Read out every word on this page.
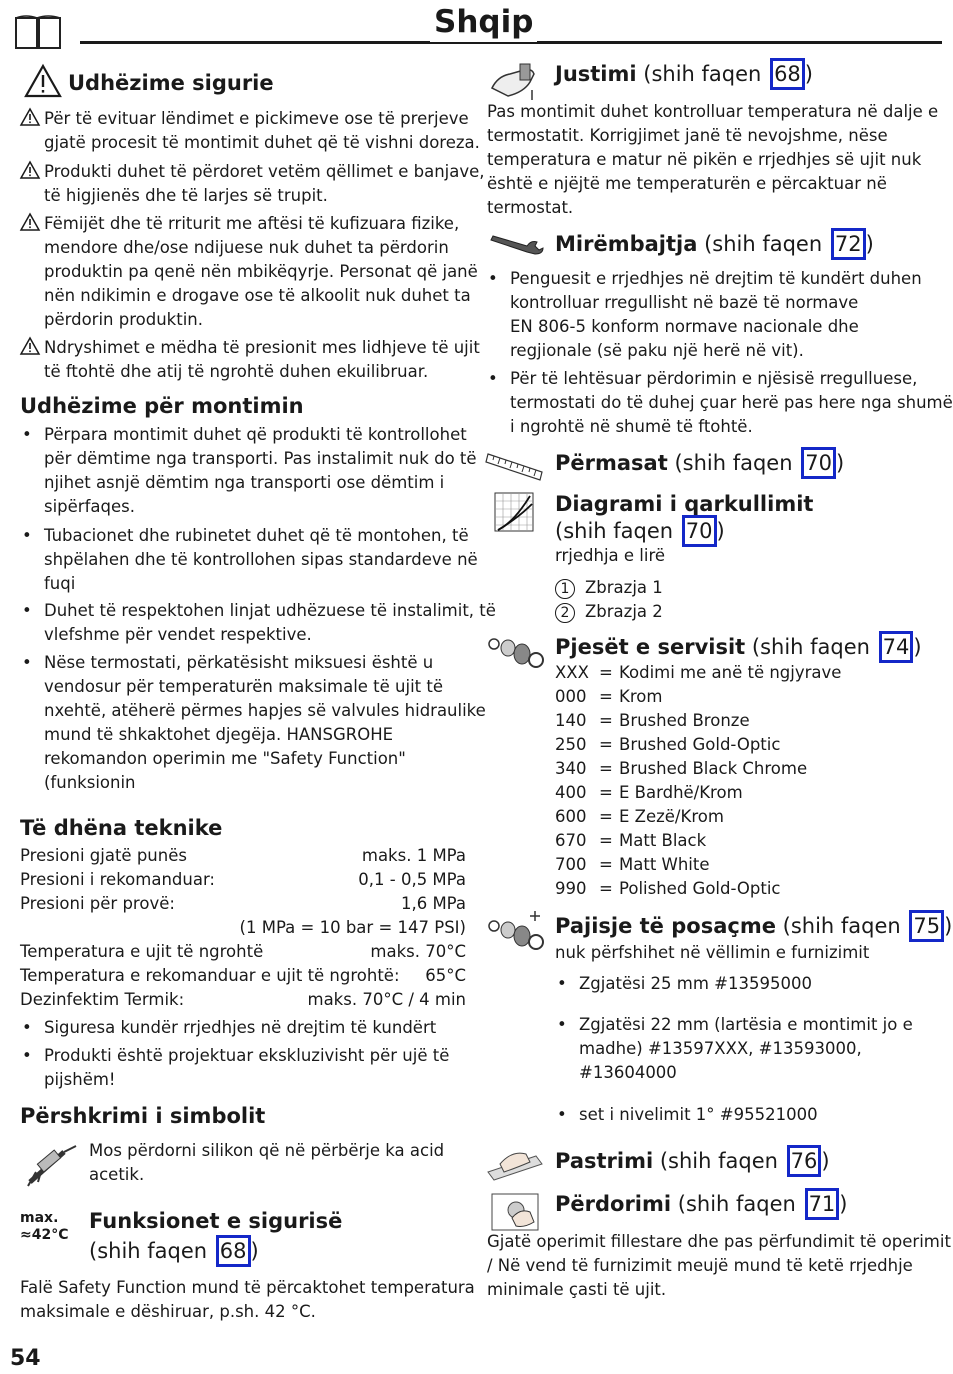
Shqip
Udhëzime sigurie
Për të evituar lëndimet e pickimeve ose të prerjeve
gjatë procesit të montimit duhet që të vishni doreza.
Produkti duhet të përdoret vetëm qëllimet e banjave,
të higjienës dhe të larjes së trupit.
Fëmijët dhe të rriturit me aftësi të kufizuara fizike,
mendore dhe/ose ndijuese nuk duhet ta përdorin
produktin pa qenë nën mbikëqyrje. Personat që janë
nën ndikimin e drogave ose të alkoolit nuk duhet ta
përdorin produktin.
Ndryshimet e mëdha të presionit mes lidhjeve të ujit
të ftohtë dhe atij të ngrohtë duhen ekuilibruar.
Udhëzime për montimin
• Përpara montimit duhet që produkti të kontrollohet
për dëmtime nga transporti. Pas instalimit nuk do të
njihet asnjë dëmtim nga transporti ose dëmtim i
sipërfaqes.
• Tubacionet dhe rubinetet duhet që të montohen, të
shpëlahen dhe të kontrollohen sipas standardeve në
fuqi
• Duhet të respektohen linjat udhëzuese të instalimit, të
vlefshme për vendet respektive.
• Nëse termostati, përkatësisht miksuesi është u
vendosur për temperaturën maksimale të ujit të
nxehtë, atëherë përmes hapjes së valvules hidraulike
mund të shkaktohet djegëja. HANSGROHE
rekomandon operimin me "Safety Function"
(funksionin
Të dhëna teknike
Presioni gjatë punës	maks. 1 MPa
Presioni i rekomanduar:	0,1 - 0,5 MPa
Presioni për provë:	1,6 MPa
(1 MPa = 10 bar = 147 PSI)
Temperatura e ujit të ngrohtë	maks. 70°C
Temperatura e rekomanduar e ujit të ngrohtë: 65°C
Dezinfektim Termik:	maks. 70°C / 4 min
• Siguresa kundër rrjedhjes në drejtim të kundërt
• Produkti është projektuar ekskluzivisht për ujë të
pijshëm!
Përshkrimi i simbolit
Mos përdorni silikon që në përbërje ka acid
acetik.
max.
≈42°C
Funksionet e sigurisë
(shih faqen 68 )
Falë Safety Function mund të përcaktohet temperatura
maksimale e dëshiruar, p.sh. 42 °C.
54
Justimi (shih faqen 68 )
Pas montimit duhet kontrolluar temperatura në dalje e
termostatit. Korrigjimet janë të nevojshme, nëse
temperatura e matur në pikën e rrjedhjes së ujit nuk
është e njëjtë me temperaturën e përcaktuar në
termostat.
Mirëmbajtja (shih faqen 72 )
• Penguesit e rrjedhjes në drejtim të kundërt duhen
kontrolluar rregullisht në bazë të normave
EN 806-5 konform normave nacionale dhe
regjionale (së paku një herë në vit).
• Për të lehtësuar përdorimin e njësisë rregulluese,
termostati do të duhej çuar herë pas here nga shumë
i ngrohtë në shumë të ftohtë.
Përmasat (shih faqen 70 )
Diagrami i qarkullimit
(shih faqen 70 )
rrjedhja e lirë
1 Zbrazja 1
2 Zbrazja 2
Pjesët e servisit (shih faqen 74 )
XXX = Kodimi me anë të ngjyrave
000 = Krom
140 = Brushed Bronze
250 = Brushed Gold-Optic
340 = Brushed Black Chrome
400 = E Bardhë/Krom
600 = E Zezë/Krom
670 = Matt Black
700 = Matt White
990 = Polished Gold-Optic
Pajisje të posaçme (shih faqen 75 )
nuk përfshihet në vëllimin e furnizimit
• Zgjatësi 25 mm #13595000
• Zgjatësi 22 mm (lartësia e montimit jo e
madhe) #13597XXX, #13593000,
#13604000
• set i nivelimit 1° #95521000
Pastrimi (shih faqen 76 )
Përdorimi (shih faqen 71 )
Gjatë operimit fillestare dhe pas përfundimit të operimit
/ Në vend të furnizimit meujë mund të ketë rrjedhje
minimale çasti të ujit.
